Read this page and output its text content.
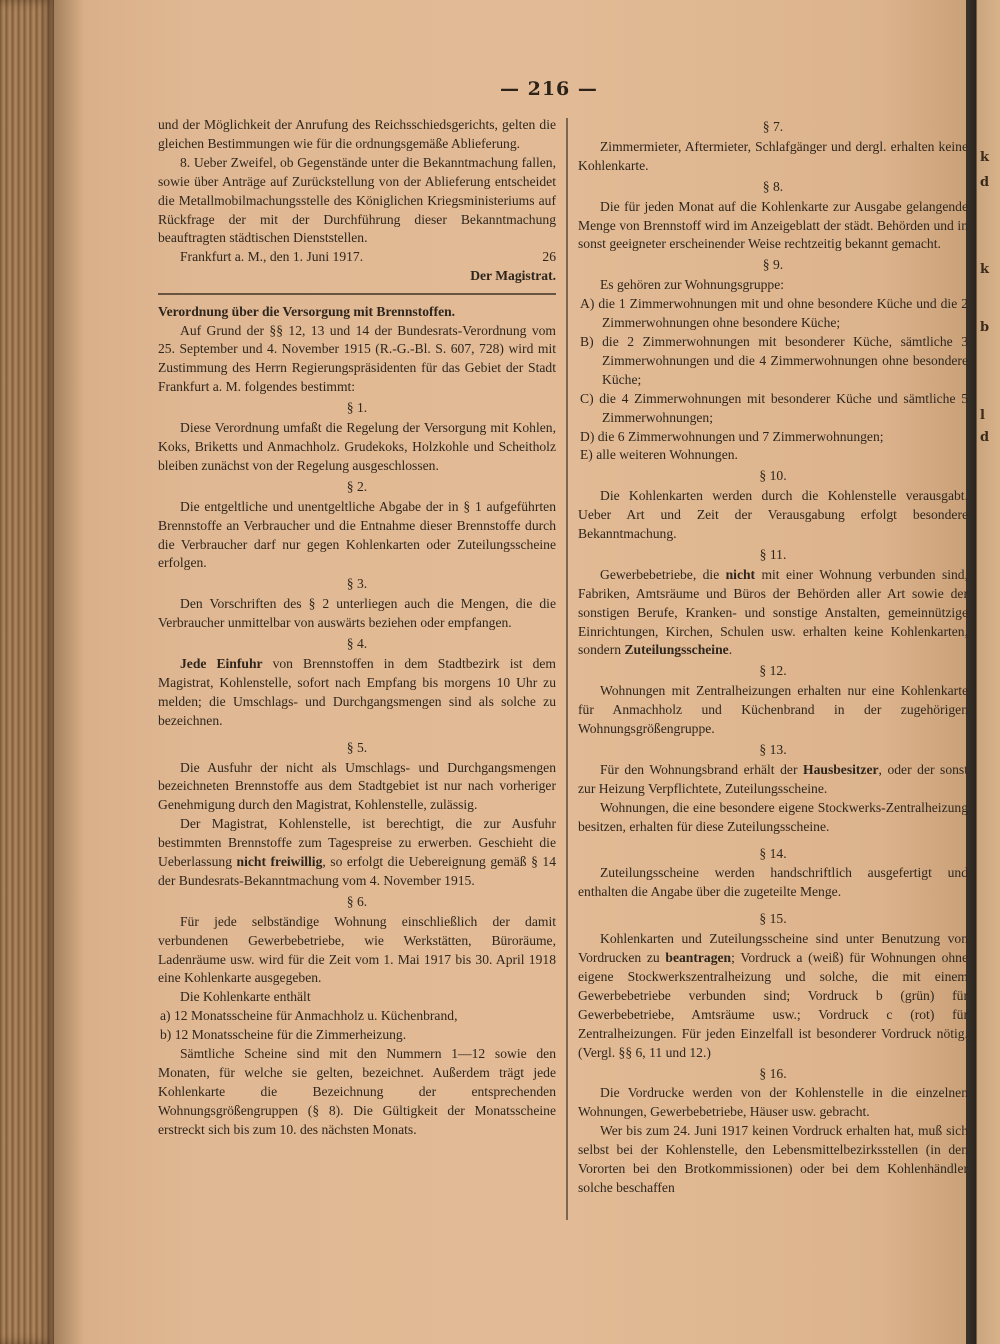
k
d
k
b
l
d
— 216 —

und der Möglichkeit der Anrufung des Reichsschiedsgerichts, gelten die gleichen Bestimmungen wie für die ordnungsgemäße Ablieferung.

8. Ueber Zweifel, ob Gegenstände unter die Bekanntmachung fallen, sowie über Anträge auf Zurückstellung von der Ablieferung entscheidet die Metallmobilmachungsstelle des Königlichen Kriegsministeriums auf Rückfrage der mit der Durchführung dieser Bekanntmachung beauftragten städtischen Dienststellen.

Frankfurt a. M., den 1. Juni 1917.	26

Der Magistrat.

Verordnung über die Versorgung mit Brennstoffen.

Auf Grund der §§ 12, 13 und 14 der Bundesrats-Verordnung vom 25. September und 4. November 1915 (R.-G.-Bl. S. 607, 728) wird mit Zustimmung des Herrn Regierungspräsidenten für das Gebiet der Stadt Frankfurt a. M. folgendes bestimmt:

§ 1.

Diese Verordnung umfaßt die Regelung der Versorgung mit Kohlen, Koks, Briketts und Anmachholz. Grudekoks, Holzkohle und Scheitholz bleiben zunächst von der Regelung ausgeschlossen.

§ 2.

Die entgeltliche und unentgeltliche Abgabe der in § 1 aufgeführten Brennstoffe an Verbraucher und die Entnahme dieser Brennstoffe durch die Verbraucher darf nur gegen Kohlenkarten oder Zuteilungsscheine erfolgen.

§ 3.

Den Vorschriften des § 2 unterliegen auch die Mengen, die die Verbraucher unmittelbar von auswärts beziehen oder empfangen.

§ 4.

Jede Einfuhr von Brennstoffen in dem Stadtbezirk ist dem Magistrat, Kohlenstelle, sofort nach Empfang bis morgens 10 Uhr zu melden; die Umschlags- und Durchgangsmengen sind als solche zu bezeichnen.

§ 5.

Die Ausfuhr der nicht als Umschlags- und Durchgangsmengen bezeichneten Brennstoffe aus dem Stadtgebiet ist nur nach vorheriger Genehmigung durch den Magistrat, Kohlenstelle, zulässig.

Der Magistrat, Kohlenstelle, ist berechtigt, die zur Ausfuhr bestimmten Brennstoffe zum Tagespreise zu erwerben. Geschieht die Ueberlassung nicht freiwillig, so erfolgt die Uebereignung gemäß § 14 der Bundesrats-Bekanntmachung vom 4. November 1915.

§ 6.

Für jede selbständige Wohnung einschließlich der damit verbundenen Gewerbebetriebe, wie Werkstätten, Büroräume, Ladenräume usw. wird für die Zeit vom 1. Mai 1917 bis 30. April 1918 eine Kohlenkarte ausgegeben.

Die Kohlenkarte enthält

a) 12 Monatsscheine für Anmachholz u. Küchenbrand,

b) 12 Monatsscheine für die Zimmerheizung.

Sämtliche Scheine sind mit den Nummern 1—12 sowie den Monaten, für welche sie gelten, bezeichnet. Außerdem trägt jede Kohlenkarte die Bezeichnung der entsprechenden Wohnungsgrößengruppen (§ 8). Die Gültigkeit der Monatsscheine erstreckt sich bis zum 10. des nächsten Monats.

§ 7.

Zimmermieter, Aftermieter, Schlafgänger und dergl. erhalten keine Kohlenkarte.

§ 8.

Die für jeden Monat auf die Kohlenkarte zur Ausgabe gelangende Menge von Brennstoff wird im Anzeigeblatt der städt. Behörden und in sonst geeigneter erscheinender Weise rechtzeitig bekannt gemacht.

§ 9.

Es gehören zur Wohnungsgruppe:

A) die 1 Zimmerwohnungen mit und ohne besondere Küche und die 2 Zimmerwohnungen ohne besondere Küche;

B) die 2 Zimmerwohnungen mit besonderer Küche, sämtliche 3 Zimmerwohnungen und die 4 Zimmerwohnungen ohne besondere Küche;

C) die 4 Zimmerwohnungen mit besonderer Küche und sämtliche 5 Zimmerwohnungen;

D) die 6 Zimmerwohnungen und 7 Zimmerwohnungen;

E) alle weiteren Wohnungen.

§ 10.

Die Kohlenkarten werden durch die Kohlenstelle verausgabt. Ueber Art und Zeit der Verausgabung erfolgt besondere Bekanntmachung.

§ 11.

Gewerbebetriebe, die nicht mit einer Wohnung verbunden sind, Fabriken, Amtsräume und Büros der Behörden aller Art sowie der sonstigen Berufe, Kranken- und sonstige Anstalten, gemeinnützige Einrichtungen, Kirchen, Schulen usw. erhalten keine Kohlenkarten, sondern Zuteilungsscheine.

§ 12.

Wohnungen mit Zentralheizungen erhalten nur eine Kohlenkarte für Anmachholz und Küchenbrand in der zugehörigen Wohnungsgrößengruppe.

§ 13.

Für den Wohnungsbrand erhält der Hausbesitzer, oder der sonst zur Heizung Verpflichtete, Zuteilungsscheine.

Wohnungen, die eine besondere eigene Stockwerks-Zentralheizung besitzen, erhalten für diese Zuteilungsscheine.

§ 14.

Zuteilungsscheine werden handschriftlich ausgefertigt und enthalten die Angabe über die zugeteilte Menge.

§ 15.

Kohlenkarten und Zuteilungsscheine sind unter Benutzung von Vordrucken zu beantragen; Vordruck a (weiß) für Wohnungen ohne eigene Stockwerkszentralheizung und solche, die mit einem Gewerbebetriebe verbunden sind; Vordruck b (grün) für Gewerbebetriebe, Amtsräume usw.; Vordruck c (rot) für Zentralheizungen. Für jeden Einzelfall ist besonderer Vordruck nötig. (Vergl. §§ 6, 11 und 12.)

§ 16.

Die Vordrucke werden von der Kohlenstelle in die einzelnen Wohnungen, Gewerbebetriebe, Häuser usw. gebracht.

Wer bis zum 24. Juni 1917 keinen Vordruck erhalten hat, muß sich selbst bei der Kohlenstelle, den Lebensmittelbezirksstellen (in den Vororten bei den Brotkommissionen) oder bei dem Kohlenhändler solche beschaffen
